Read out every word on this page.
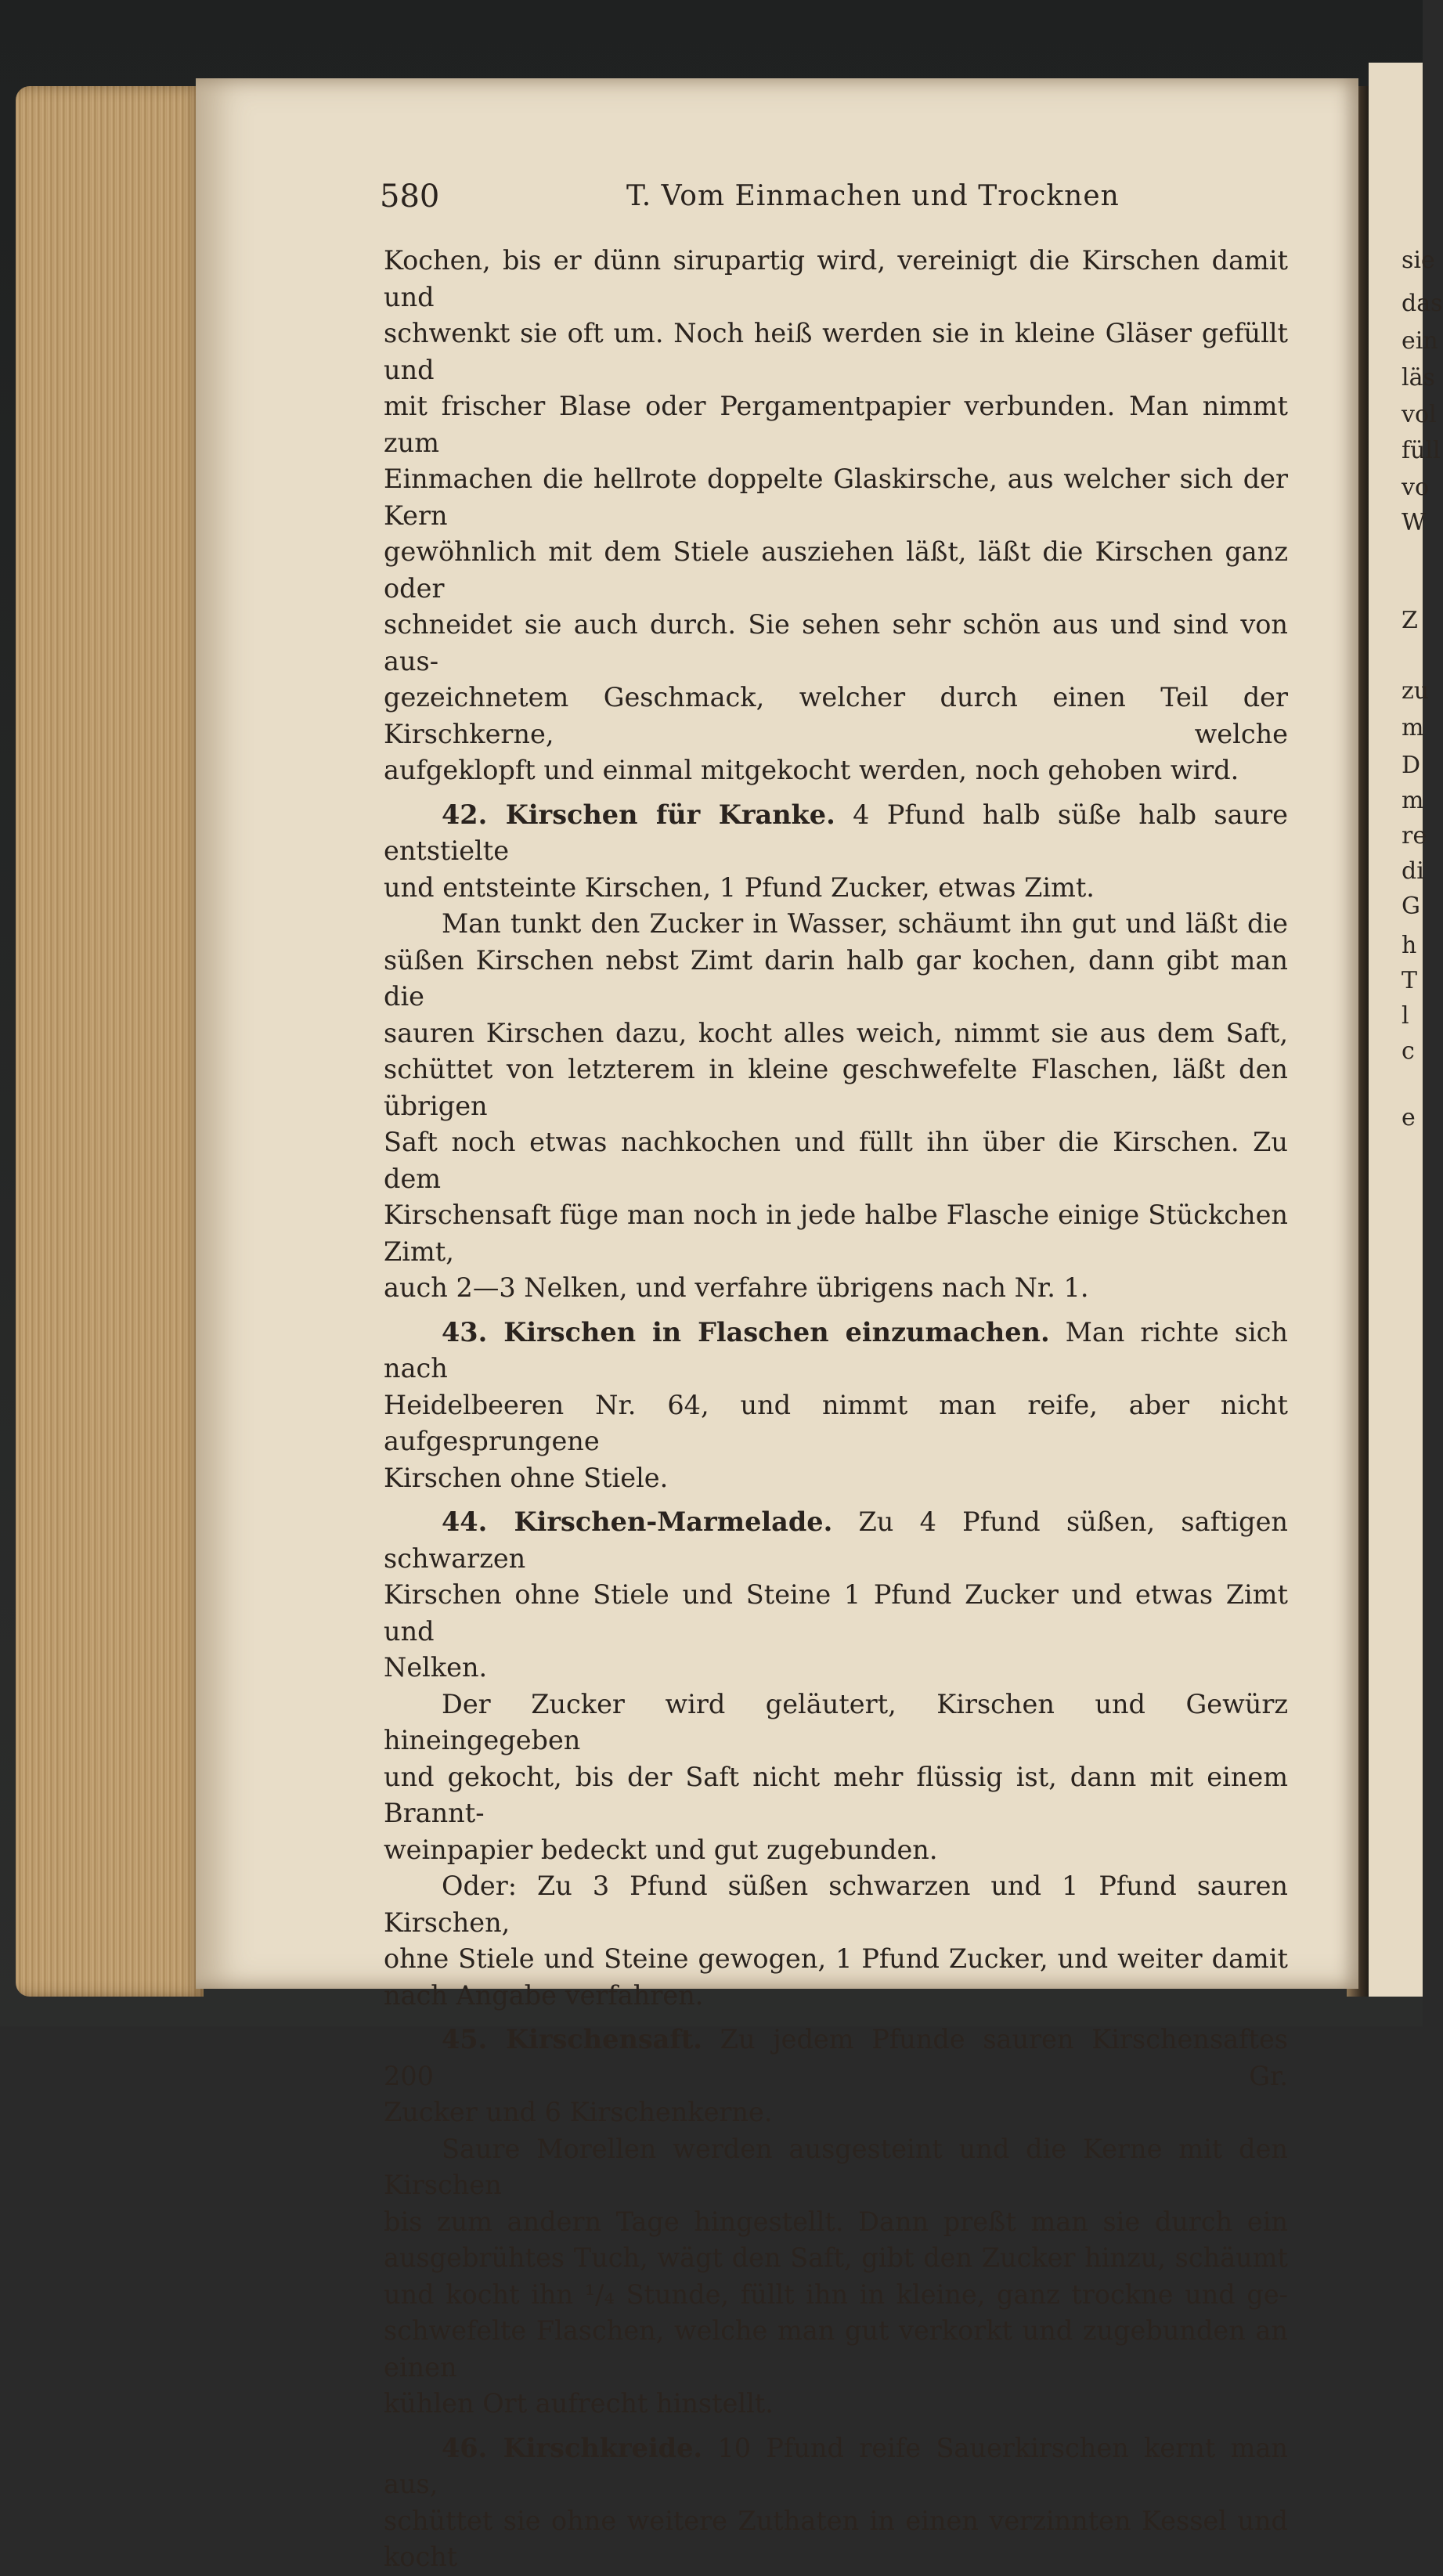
sie
das
ein
läs
vol
füll
vo
W
Z
zu
m
D
m
re
di
G
h
T
l
c
e
580	T. Vom Einmachen und Trocknen

Kochen, bis er dünn sirupartig wird, vereinigt die Kirschen damit und

schwenkt sie oft um. Noch heiß werden sie in kleine Gläser gefüllt und

mit frischer Blase oder Pergamentpapier verbunden. Man nimmt zum

Einmachen die hellrote doppelte Glaskirsche, aus welcher sich der Kern

gewöhnlich mit dem Stiele ausziehen läßt, läßt die Kirschen ganz oder

schneidet sie auch durch. Sie sehen sehr schön aus und sind von aus-

gezeichnetem Geschmack, welcher durch einen Teil der Kirschkerne, welche

aufgeklopft und einmal mitgekocht werden, noch gehoben wird.

42. Kirschen für Kranke. 4 Pfund halb süße halb saure entstielte

und entsteinte Kirschen, 1 Pfund Zucker, etwas Zimt.

Man tunkt den Zucker in Wasser, schäumt ihn gut und läßt die

süßen Kirschen nebst Zimt darin halb gar kochen, dann gibt man die

sauren Kirschen dazu, kocht alles weich, nimmt sie aus dem Saft,

schüttet von letzterem in kleine geschwefelte Flaschen, läßt den übrigen

Saft noch etwas nachkochen und füllt ihn über die Kirschen. Zu dem

Kirschensaft füge man noch in jede halbe Flasche einige Stückchen Zimt,

auch 2—3 Nelken, und verfahre übrigens nach Nr. 1.

43. Kirschen in Flaschen einzumachen. Man richte sich nach

Heidelbeeren Nr. 64, und nimmt man reife, aber nicht aufgesprungene

Kirschen ohne Stiele.

44. Kirschen-Marmelade. Zu 4 Pfund süßen, saftigen schwarzen

Kirschen ohne Stiele und Steine 1 Pfund Zucker und etwas Zimt und

Nelken.

Der Zucker wird geläutert, Kirschen und Gewürz hineingegeben

und gekocht, bis der Saft nicht mehr flüssig ist, dann mit einem Brannt-

weinpapier bedeckt und gut zugebunden.

Oder: Zu 3 Pfund süßen schwarzen und 1 Pfund sauren Kirschen,

ohne Stiele und Steine gewogen, 1 Pfund Zucker, und weiter damit

nach Angabe verfahren.

45. Kirschensaft. Zu jedem Pfunde sauren Kirschensaftes 200 Gr.

Zucker und 6 Kirschenkerne.

Saure Morellen werden ausgesteint und die Kerne mit den Kirschen

bis zum andern Tage hingestellt. Dann preßt man sie durch ein

ausgebrühtes Tuch, wägt den Saft, gibt den Zucker hinzu, schäumt

und kocht ihn ¹/₄ Stunde, füllt ihn in kleine, ganz trockne und ge-

schwefelte Flaschen, welche man gut verkorkt und zugebunden an einen

kühlen Ort aufrecht hinstellt.

46. Kirschkreide. 10 Pfund reife Sauerkirschen kernt man aus,

schüttet sie ohne weitere Zuthaten in einen verzinnten Kessel und kocht
